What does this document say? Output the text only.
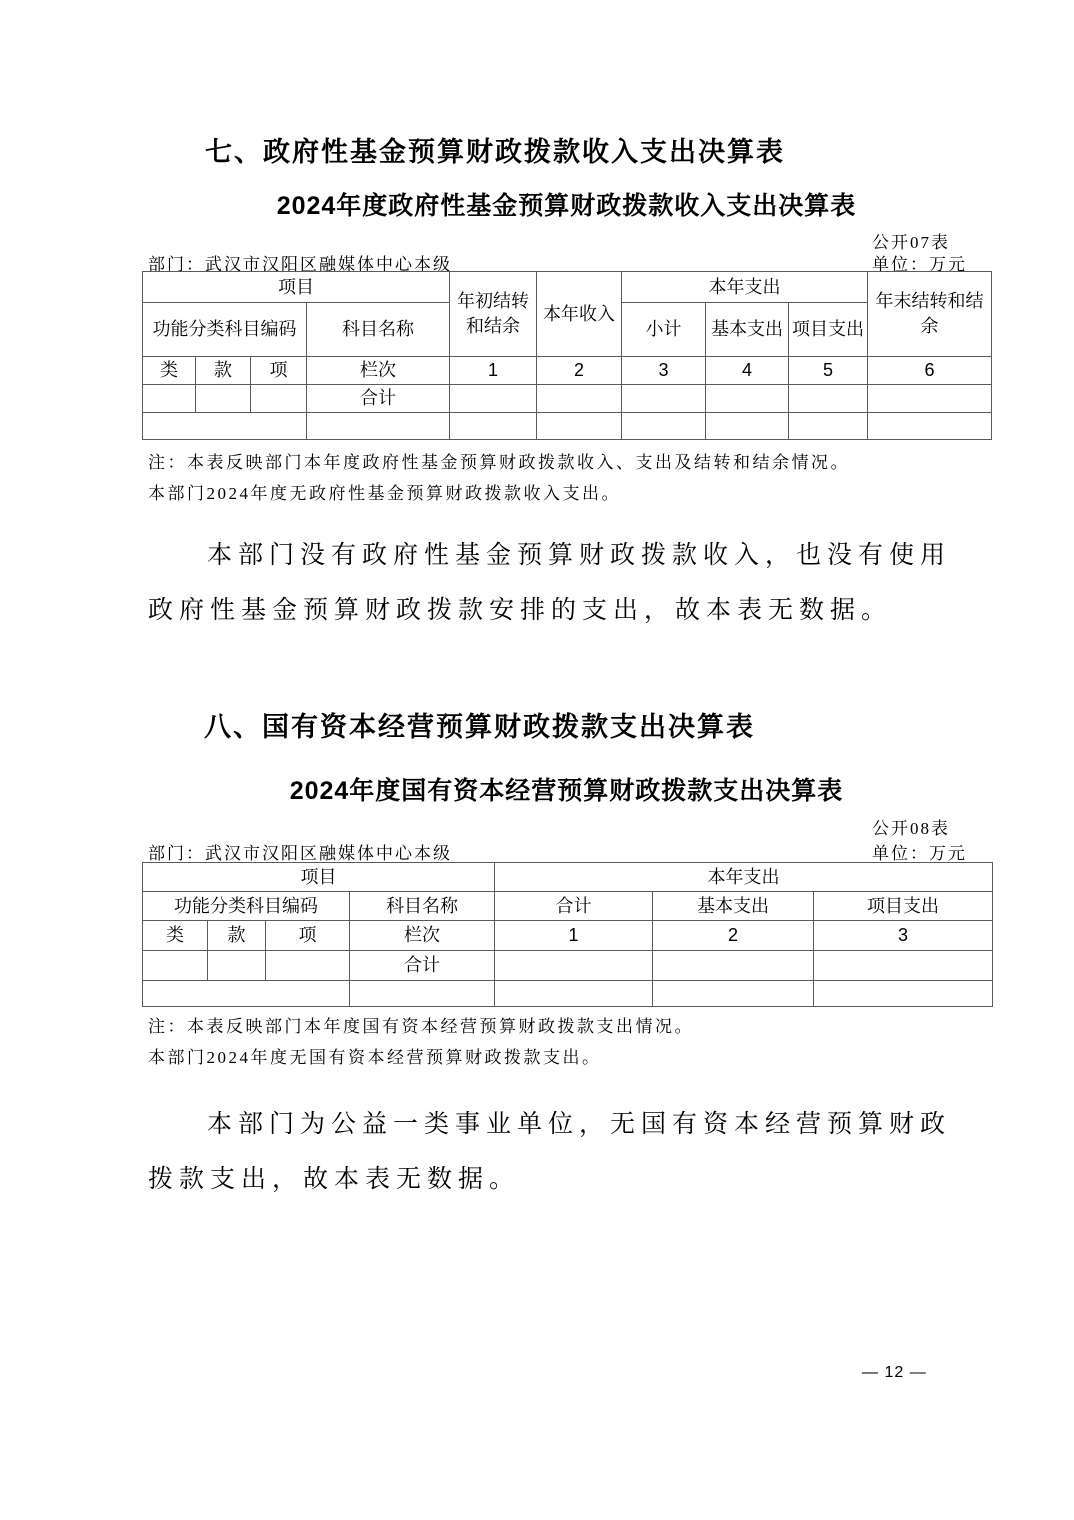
七、政府性基金预算财政拨款收入支出决算表
2024年度政府性基金预算财政拨款收入支出决算表
公开07表
部门：武汉市汉阳区融媒体中心本级	单位：万元
项目				年初结转和结余	本年收入	本年支出			年末结转和结余
功能分类科目编码			科目名称			小计	基本支出	项目支出	
类	款	项	栏次	1	2	3	4	5	6
			合计						

注：本表反映部门本年度政府性基金预算财政拨款收入、支出及结转和结余情况。
本部门2024年度无政府性基金预算财政拨款收入支出。
本部门没有政府性基金预算财政拨款收入，也没有使用
政府性基金预算财政拨款安排的支出，故本表无数据。
八、国有资本经营预算财政拨款支出决算表
2024年度国有资本经营预算财政拨款支出决算表
公开08表
部门：武汉市汉阳区融媒体中心本级	单位：万元
项目				本年支出		
功能分类科目编码			科目名称	合计	基本支出	项目支出
类	款	项	栏次	1	2	3
			合计			

注：本表反映部门本年度国有资本经营预算财政拨款支出情况。
本部门2024年度无国有资本经营预算财政拨款支出。
本部门为公益一类事业单位，无国有资本经营预算财政
拨款支出，故本表无数据。
— 12 —
